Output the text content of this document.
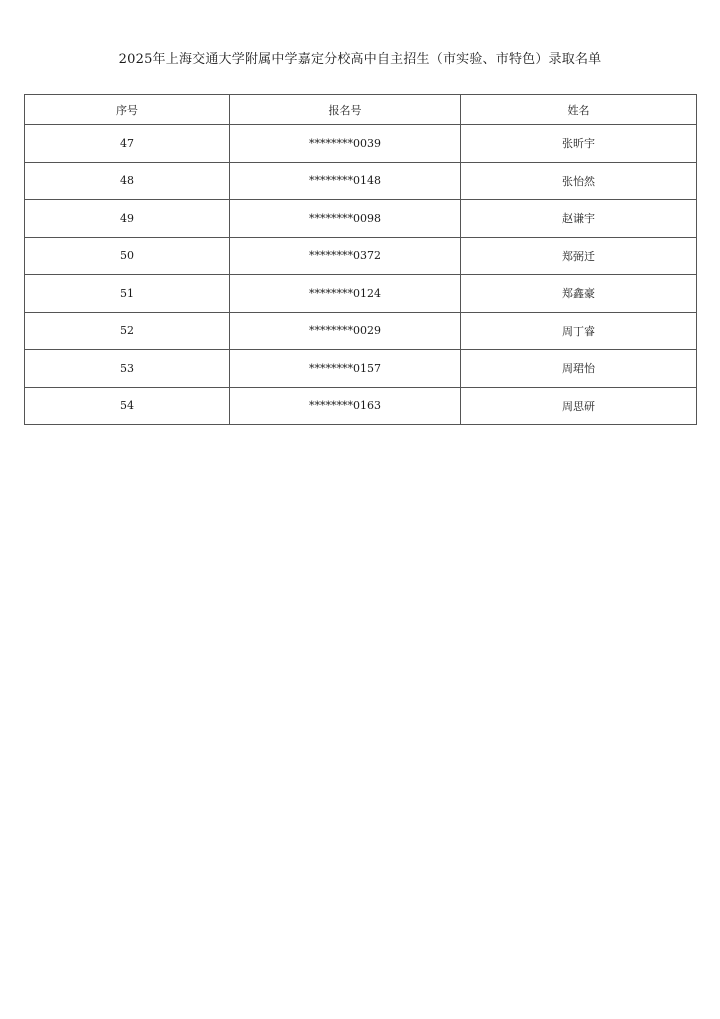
2025年上海交通大学附属中学嘉定分校高中自主招生（市实验、市特色）录取名单
序号	报名号	姓名
47	********0039	张昕宇
48	********0148	张怡然
49	********0098	赵谦宇
50	********0372	郑弼迁
51	********0124	郑鑫豪
52	********0029	周丁睿
53	********0157	周珺怡
54	********0163	周思研
